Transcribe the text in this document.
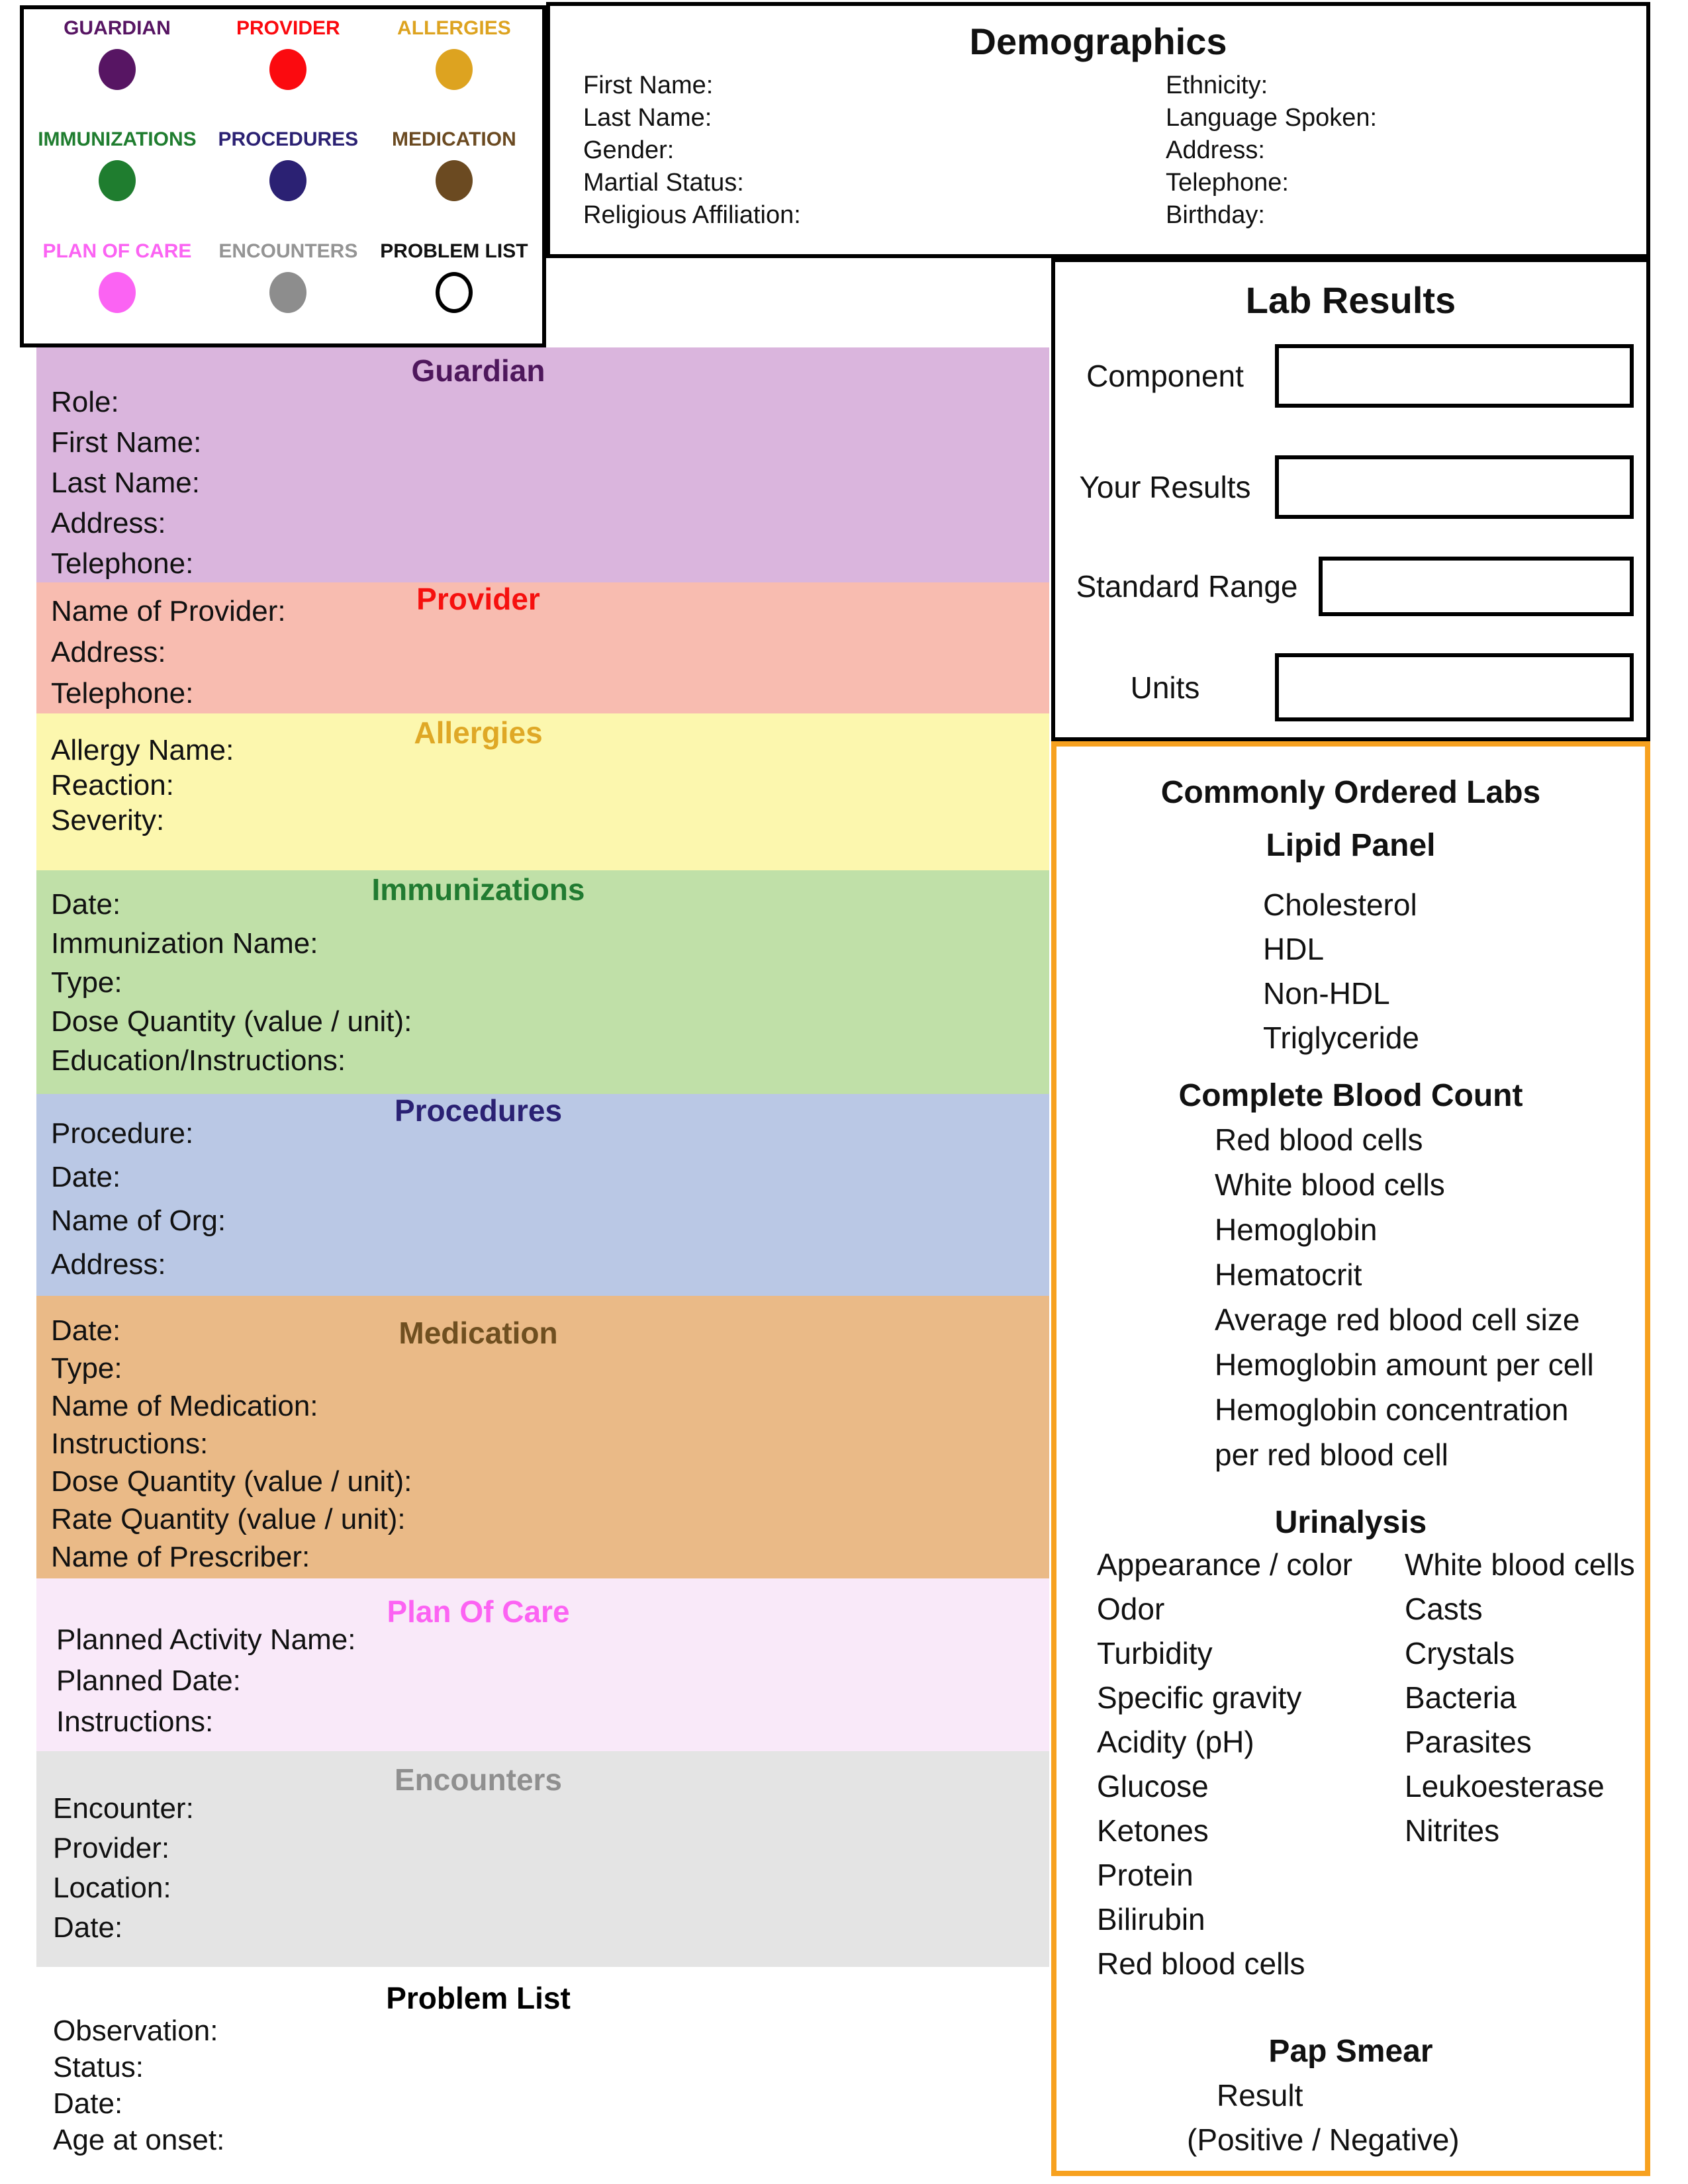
GUARDIAN	PROVIDER	ALLERGIES
IMMUNIZATIONS PROCEDURES MEDICATION
PLAN OF CARE ENCOUNTERS PROBLEM LIST
Demographics
First Name:
Last Name:
Gender:
Martial Status:
Religious Affiliation:
Ethnicity:
Language Spoken:
Address:
Telephone:
Birthday:
Lab Results
Component
Your Results
Standard Range
Units
Commonly Ordered Labs
Lipid Panel
Cholesterol
HDL
Non-HDL
Triglyceride
Complete Blood Count
Red blood cells
White blood cells
Hemoglobin
Hematocrit
Average red blood cell size
Hemoglobin amount per cell
Hemoglobin concentration
per red blood cell
Urinalysis
Appearance / color
Odor
Turbidity
Specific gravity
Acidity (pH)
Glucose
Ketones
Protein
Bilirubin
Red blood cells
White blood cells
Casts
Crystals
Bacteria
Parasites
Leukoesterase
Nitrites
Pap Smear
Result
(Positive / Negative)
Guardian
Role:
First Name:
Last Name:
Address:
Telephone:
Provider
Name of Provider:
Address:
Telephone:
Allergies
Allergy Name:
Reaction:
Severity:
Immunizations
Date:
Immunization Name:
Type:
Dose Quantity (value / unit):
Education/Instructions:
Procedures
Procedure:
Date:
Name of Org:
Address:
Medication
Date:
Type:
Name of Medication:
Instructions:
Dose Quantity (value / unit):
Rate Quantity (value / unit):
Name of Prescriber:
Plan Of Care
Planned Activity Name:
Planned Date:
Instructions:
Encounters
Encounter:
Provider:
Location:
Date:
Problem List
Observation:
Status:
Date:
Age at onset:
